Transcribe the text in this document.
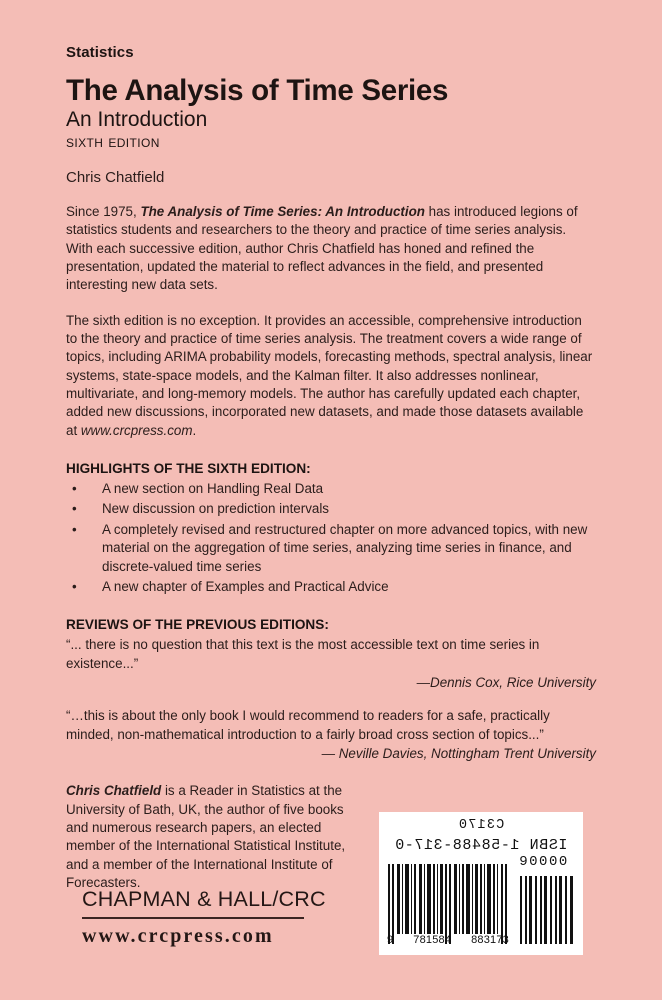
Statistics
The Analysis of Time Series
An Introduction
sixth edition
Chris Chatfield

Since 1975, The Analysis of Time Series: An Introduction has introduced legions of statistics students and researchers to the theory and practice of time series analysis. With each successive edition, author Chris Chatfield has honed and refined the presentation, updated the material to reflect advances in the field, and presented interesting new data sets.

The sixth edition is no exception. It provides an accessible, comprehensive introduction to the theory and practice of time series analysis. The treatment covers a wide range of topics, including ARIMA probability models, forecasting methods, spectral analysis, linear systems, state-space models, and the Kalman filter. It also addresses nonlinear, multivariate, and long-memory models. The author has carefully updated each chapter, added new discussions, incorporated new datasets, and made those datasets available at www.crcpress.com.

HIGHLIGHTS OF THE SIXTH EDITION:
• A new section on Handling Real Data
• New discussion on prediction intervals
• A completely revised and restructured chapter on more advanced topics, with new material on the aggregation of time series, analyzing time series in finance, and discrete-valued time series
• A new chapter of Examples and Practical Advice
REVIEWS OF THE PREVIOUS EDITIONS:

“... there is no question that this text is the most accessible text on time series in existence...”

—Dennis Cox, Rice University

“…this is about the only book I would recommend to readers for a safe, practically minded, non-mathematical introduction to a fairly broad cross section of topics...”

— Neville Davies, Nottingham Trent University

Chris Chatfield is a Reader in Statistics at the University of Bath, UK, the author of five books and numerous research papers, an elected member of the International Statistical Institute, and a member of the International Institute of Forecasters.

CHAPMAN & HALL/CRC
www.crcpress.com
C3170
ISBN 1-58488-317-0
9 781584 883173
90000
